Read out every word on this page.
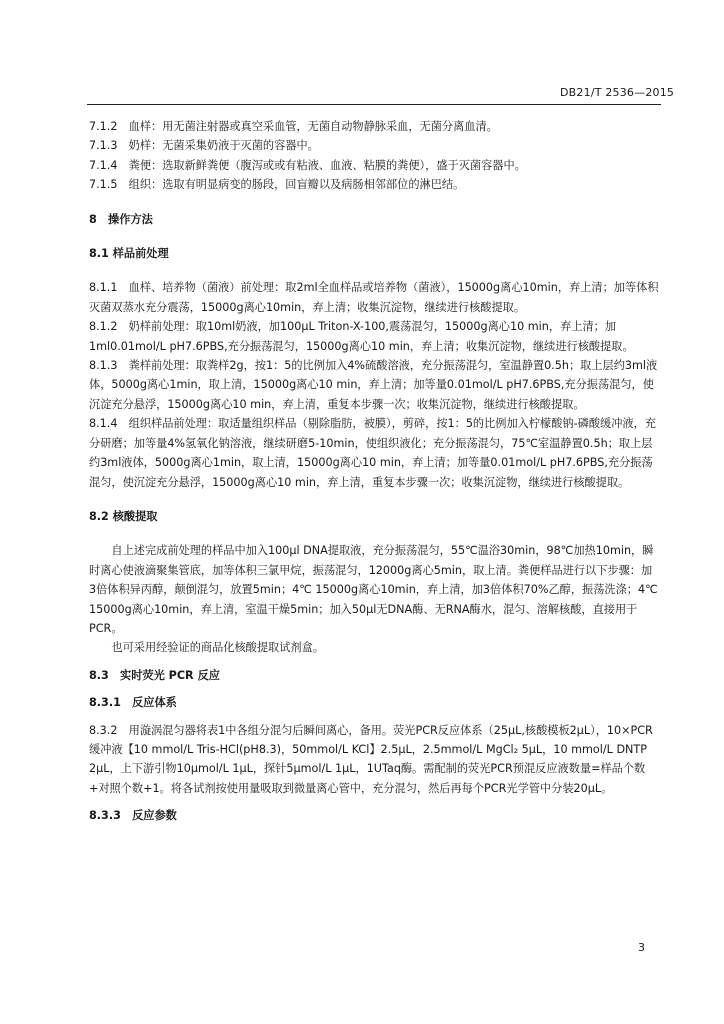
DB21/T 2536—2015

7.1.2　 血样：用无菌注射器或真空采血管，无菌自动物静脉采血，无菌分离血清。

7.1.3　 奶样：无菌采集奶液于灭菌的容器中。

7.1.4　 粪便：选取新鲜粪便（腹泻或或有粘液、血液、粘膜的粪便），盛于灭菌容器中。

7.1.5　 组织：选取有明显病变的肠段，回盲瓣以及病肠相邻部位的淋巴结。

8　 操作方法

8.1 样品前处理

8.1.1　 血样、培养物（菌液）前处理：取2ml全血样品或培养物（菌液），15000g离心10min，弃上清；加等体积灭菌双蒸水充分震荡，15000g离心10min，弃上清；收集沉淀物，继续进行核酸提取。

8.1.2　 奶样前处理：取10ml奶液，加100μL Triton-X-100,震荡混匀，15000g离心10 min，弃上清；加1ml0.01mol/L pH7.6PBS,充分振荡混匀，15000g离心10 min，弃上清；收集沉淀物，继续进行核酸提取。

8.1.3　 粪样前处理：取粪样2g，按1：5的比例加入4%硫酸溶液，充分振荡混匀，室温静置0.5h；取上层约3ml液体，5000g离心1min，取上清，15000g离心10 min，弃上清；加等量0.01mol/L pH7.6PBS,充分振荡混匀，使沉淀充分悬浮，15000g离心10 min，弃上清，重复本步骤一次；收集沉淀物，继续进行核酸提取。

8.1.4　 组织样品前处理：取适量组织样品（剔除脂肪，被膜），剪碎，按1：5的比例加入柠檬酸钠-磷酸缓冲液，充分研磨；加等量4%氢氧化钠溶液，继续研磨5-10min，使组织液化；充分振荡混匀，75℃室温静置0.5h；取上层约3ml液体，5000g离心1min，取上清，15000g离心10 min，弃上清；加等量0.01mol/L pH7.6PBS,充分振荡混匀，使沉淀充分悬浮，15000g离心10 min，弃上清，重复本步骤一次；收集沉淀物，继续进行核酸提取。

8.2 核酸提取

自上述完成前处理的样品中加入100μl DNA提取液，充分振荡混匀，55℃温浴30min，98℃加热10min，瞬时离心使液滴聚集管底，加等体积三氯甲烷，振荡混匀，12000g离心5min，取上清。粪便样品进行以下步骤：加3倍体积异丙醇，颠倒混匀，放置5min；4℃ 15000g离心10min，弃上清，加3倍体积70%乙醇，振荡洗涤；4℃ 15000g离心10min，弃上清，室温干燥5min；加入50μl无DNA酶、无RNA酶水，混匀、溶解核酸，直接用于PCR。

也可采用经验证的商品化核酸提取试剂盒。

8.3　实时荧光 PCR 反应

8.3.1　 反应体系

8.3.2　 用漩涡混匀器将表1中各组分混匀后瞬间离心，备用。荧光PCR反应体系（25μL,核酸模板2μL），10×PCR缓冲液【10 mmol/L Tris-HCl(pH8.3)，50mmol/L KCl】2.5μL，2.5mmol/L MgCl₂ 5μL，10 mmol/L DNTP 2μL，上下游引物10μmol/L 1μL，探针5μmol/L 1μL，1UTaq酶。需配制的荧光PCR预混反应液数量=样品个数+对照个数+1。将各试剂按使用量吸取到微量离心管中，充分混匀，然后再每个PCR光学管中分装20μL。

8.3.3　 反应参数

3
